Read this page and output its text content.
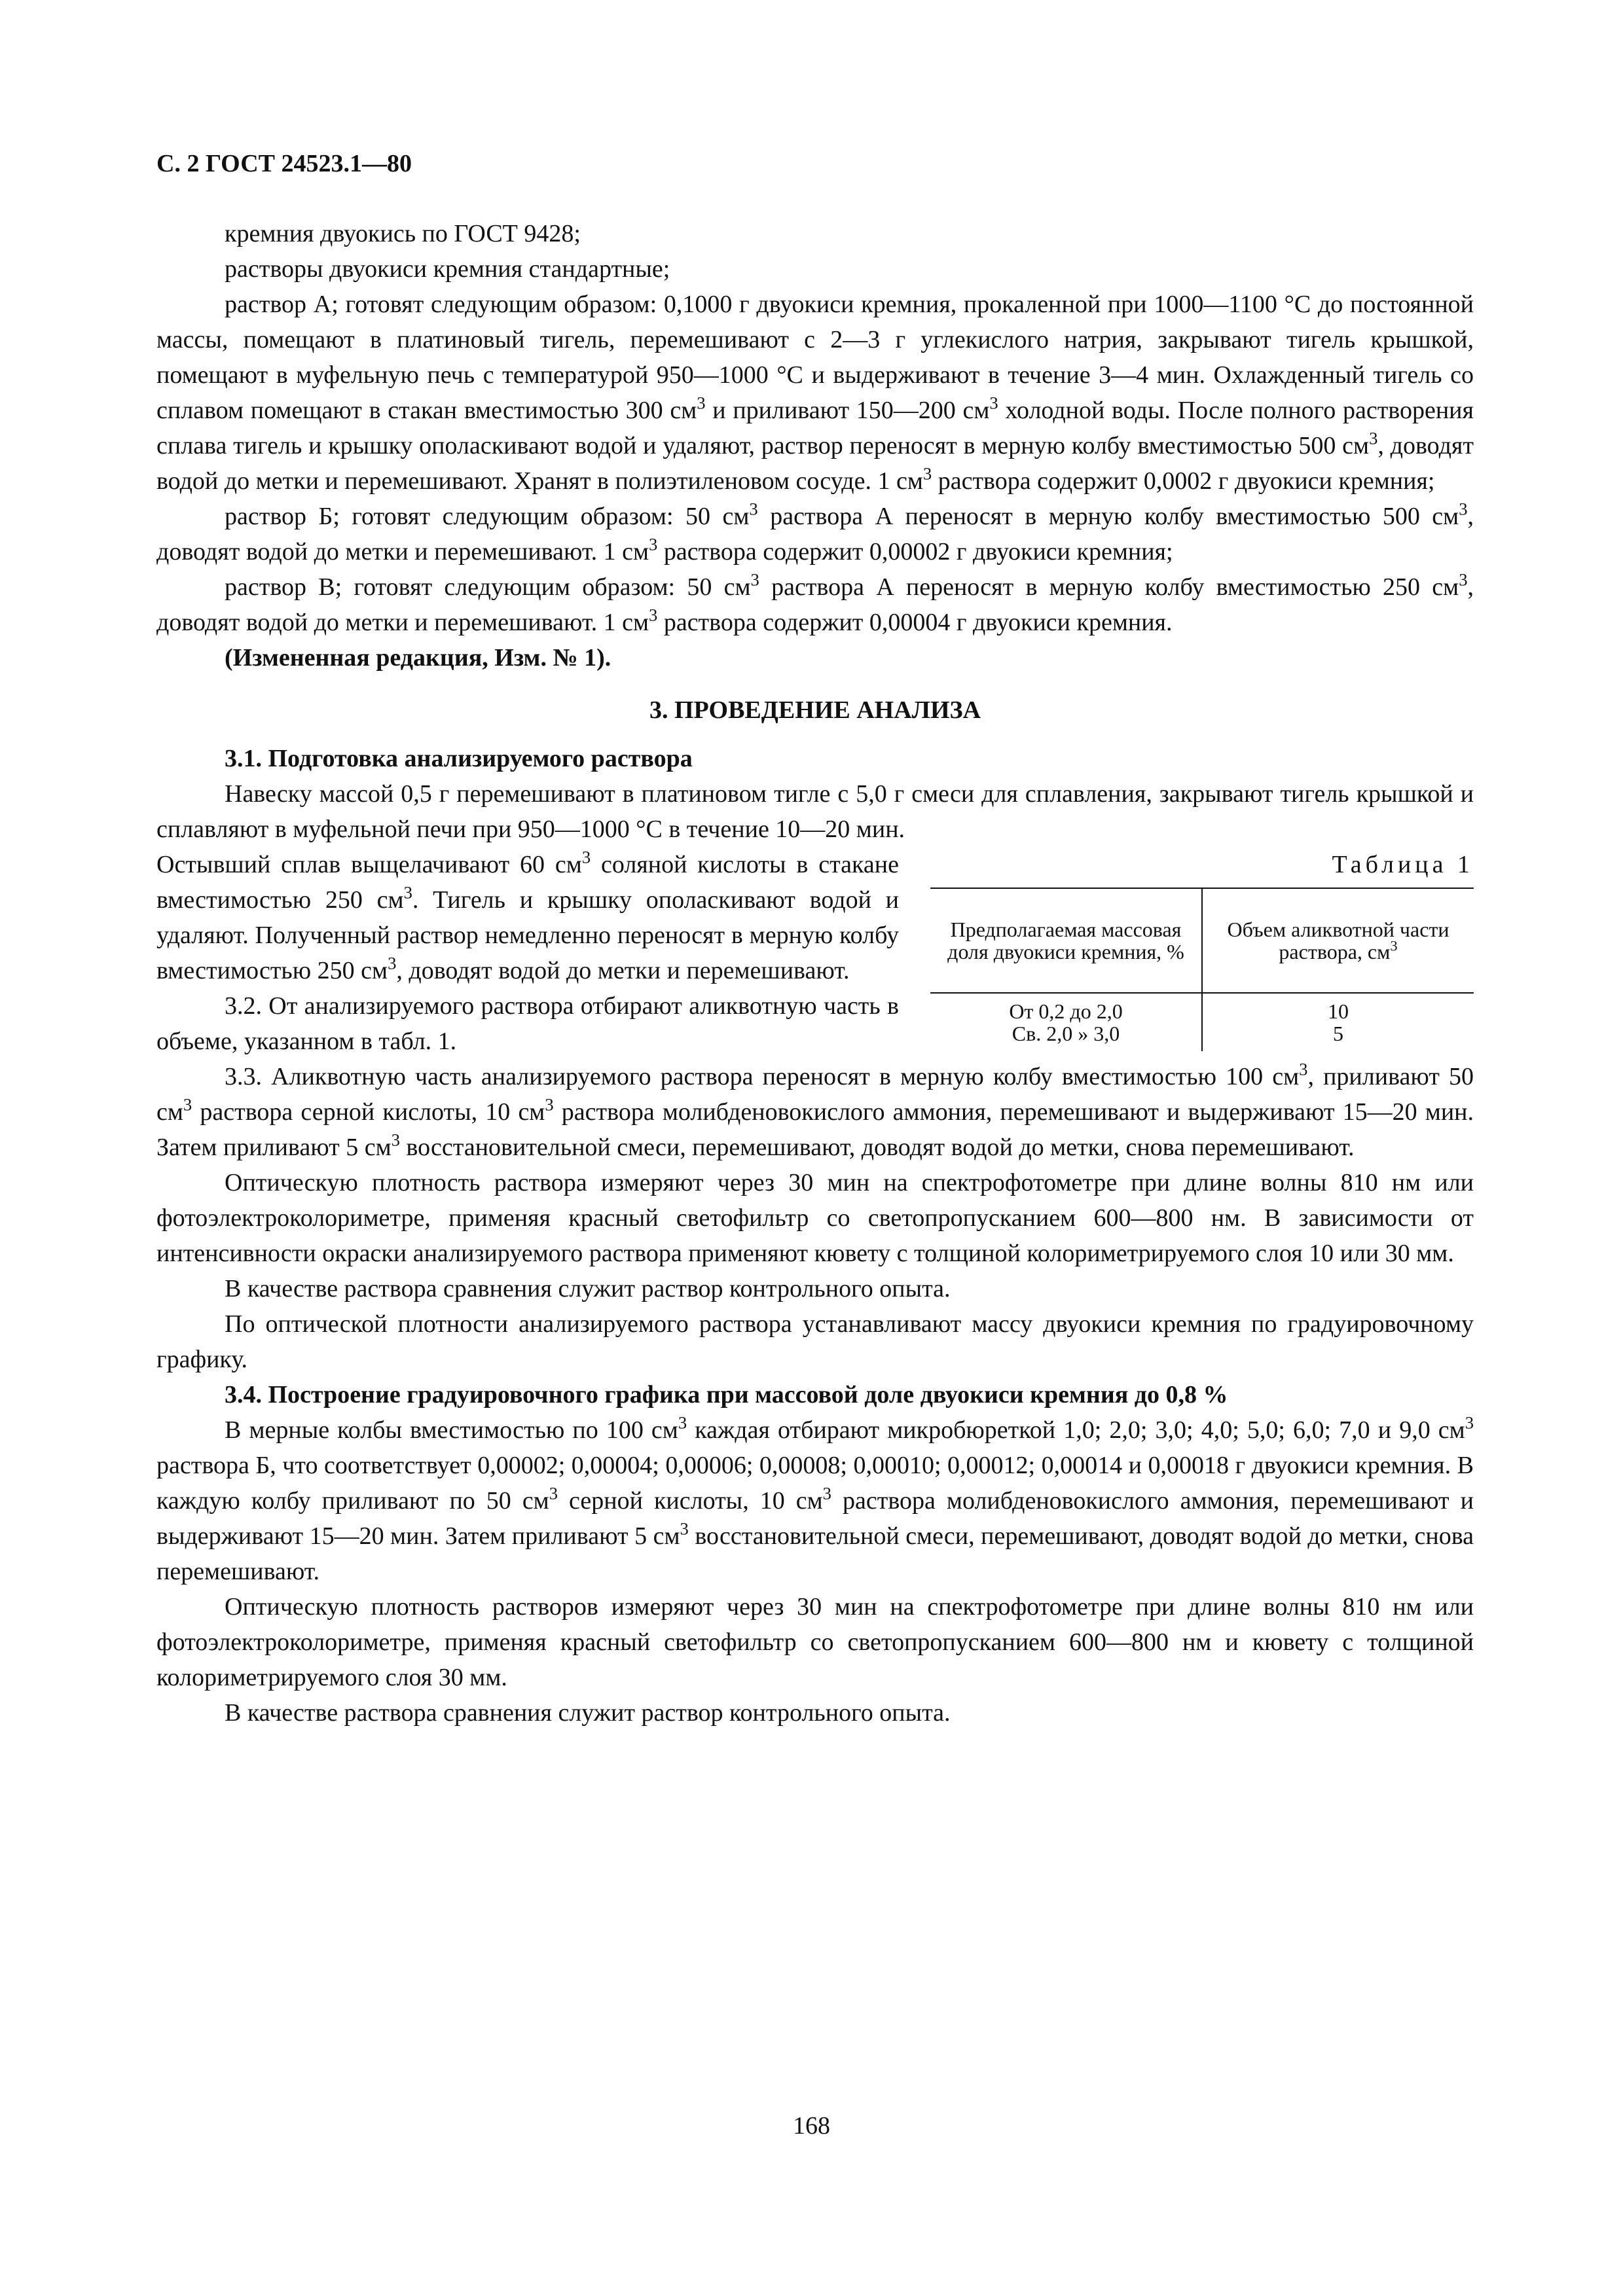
С. 2 ГОСТ 24523.1—80

кремния двуокись по ГОСТ 9428;

растворы двуокиси кремния стандартные;

раствор А; готовят следующим образом: 0,1000 г двуокиси кремния, прокаленной при 1000—1100 °С до постоянной массы, помещают в платиновый тигель, перемешивают с 2—3 г углекислого натрия, закрывают тигель крышкой, помещают в муфельную печь с температурой 950—1000 °С и выдерживают в течение 3—4 мин. Охлажденный тигель со сплавом помещают в стакан вместимостью 300 $см^3$ и приливают 150—200 $см^3$ холодной воды. После полного растворения сплава тигель и крышку ополаскивают водой и удаляют, раствор переносят в мерную колбу вместимостью 500 $см^3$, доводят водой до метки и перемешивают. Хранят в полиэтиленовом сосуде. 1 $см^3$ раствора содержит 0,0002 г двуокиси кремния;

раствор Б; готовят следующим образом: 50 $см^3$ раствора А переносят в мерную колбу вместимостью 500 $см^3$, доводят водой до метки и перемешивают. 1 $см^3$ раствора содержит 0,00002 г двуокиси кремния;

раствор В; готовят следующим образом: 50 $см^3$ раствора А переносят в мерную колбу вместимостью 250 $см^3$, доводят водой до метки и перемешивают. 1 $см^3$ раствора содержит 0,00004 г двуокиси кремния.

(Измененная редакция, Изм. № 1).

3. ПРОВЕДЕНИЕ АНАЛИЗА

3.1. Подготовка анализируемого раствора

Навеску массой 0,5 г перемешивают в платиновом тигле с 5,0 г смеси для сплавления, закрывают тигель крышкой и сплавляют в муфельной печи при 950—1000 °С в течение 10—20 мин.

Таблица 1
Предполагаемая массовая доля двуокиси кремния, %	Объем аликвотной части раствора, $см^3$
От 0,2 до 2,0	10
Св. 2,0 » 3,0	5

Остывший сплав выщелачивают 60 $см^3$ соляной кислоты в стакане вместимостью 250 $см^3$. Тигель и крышку ополаскивают водой и удаляют. Полученный раствор немедленно переносят в мерную колбу вместимостью 250 $см^3$, доводят водой до метки и перемешивают.

3.2. От анализируемого раствора отбирают аликвотную часть в объеме, указанном в табл. 1.

3.3. Аликвотную часть анализируемого раствора переносят в мерную колбу вместимостью 100 $см^3$, приливают 50 $см^3$ раствора серной кислоты, 10 $см^3$ раствора молибденовокислого аммония, перемешивают и выдерживают 15—20 мин. Затем приливают 5 $см^3$ восстановительной смеси, перемешивают, доводят водой до метки, снова перемешивают.

Оптическую плотность раствора измеряют через 30 мин на спектрофотометре при длине волны 810 нм или фотоэлектроколориметре, применяя красный светофильтр со светопропусканием 600—800 нм. В зависимости от интенсивности окраски анализируемого раствора применяют кювету с толщиной колориметрируемого слоя 10 или 30 мм.

В качестве раствора сравнения служит раствор контрольного опыта.

По оптической плотности анализируемого раствора устанавливают массу двуокиси кремния по градуировочному графику.

3.4. Построение градуировочного графика при массовой доле двуокиси кремния до 0,8 %

В мерные колбы вместимостью по 100 $см^3$ каждая отбирают микробюреткой 1,0; 2,0; 3,0; 4,0; 5,0; 6,0; 7,0 и 9,0 $см^3$ раствора Б, что соответствует 0,00002; 0,00004; 0,00006; 0,00008; 0,00010; 0,00012; 0,00014 и 0,00018 г двуокиси кремния. В каждую колбу приливают по 50 $см^3$ серной кислоты, 10 $см^3$ раствора молибденовокислого аммония, перемешивают и выдерживают 15—20 мин. Затем приливают 5 $см^3$ восстановительной смеси, перемешивают, доводят водой до метки, снова перемешивают.

Оптическую плотность растворов измеряют через 30 мин на спектрофотометре при длине волны 810 нм или фотоэлектроколориметре, применяя красный светофильтр со светопропусканием 600—800 нм и кювету с толщиной колориметрируемого слоя 30 мм.

В качестве раствора сравнения служит раствор контрольного опыта.

168
